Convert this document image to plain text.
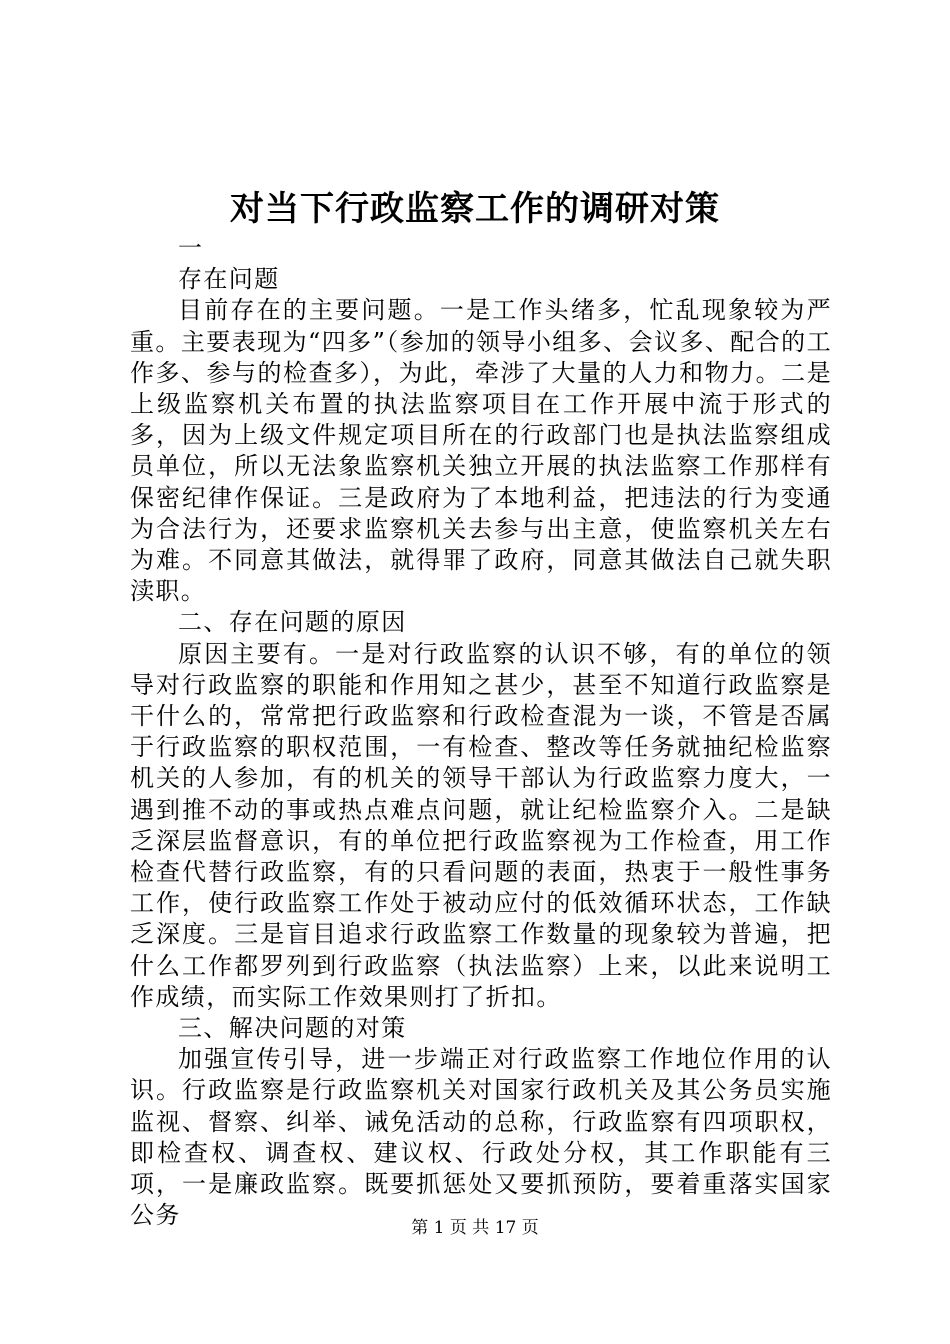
对当下行政监察工作的调研对策

一

存在问题

目前存在的主要问题。一是工作头绪多，忙乱现象较为严重。主要表现为“四多”（参加的领导小组多、会议多、配合的工作多、参与的检查多），为此，牵涉了大量的人力和物力。二是上级监察机关布置的执法监察项目在工作开展中流于形式的多，因为上级文件规定项目所在的行政部门也是执法监察组成员单位，所以无法象监察机关独立开展的执法监察工作那样有保密纪律作保证。三是政府为了本地利益，把违法的行为变通为合法行为，还要求监察机关去参与出主意，使监察机关左右为难。不同意其做法，就得罪了政府，同意其做法自己就失职渎职。

二、存在问题的原因

原因主要有。一是对行政监察的认识不够，有的单位的领导对行政监察的职能和作用知之甚少，甚至不知道行政监察是干什么的，常常把行政监察和行政检查混为一谈，不管是否属于行政监察的职权范围，一有检查、整改等任务就抽纪检监察机关的人参加，有的机关的领导干部认为行政监察力度大，一遇到推不动的事或热点难点问题，就让纪检监察介入。二是缺乏深层监督意识，有的单位把行政监察视为工作检查，用工作检查代替行政监察，有的只看问题的表面，热衷于一般性事务工作，使行政监察工作处于被动应付的低效循环状态，工作缺乏深度。三是盲目追求行政监察工作数量的现象较为普遍，把什么工作都罗列到行政监察（执法监察）上来，以此来说明工作成绩，而实际工作效果则打了折扣。

三、解决问题的对策

加强宣传引导，进一步端正对行政监察工作地位作用的认识。行政监察是行政监察机关对国家行政机关及其公务员实施监视、督察、纠举、诫免活动的总称，行政监察有四项职权，即检查权、调查权、建议权、行政处分权，其工作职能有三项，一是廉政监察。既要抓惩处又要抓预防，要着重落实国家公务	第 1 页 共 17 页
